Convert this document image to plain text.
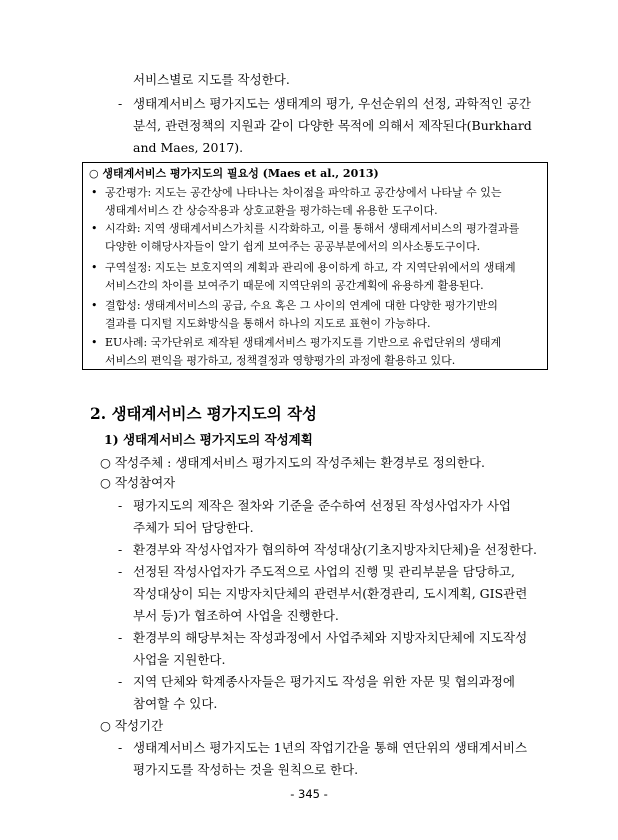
서비스별로 지도를 작성한다.
- 생태계서비스 평가지도는 생태계의 평가, 우선순위의 선정, 과학적인 공간
분석, 관련정책의 지원과 같이 다양한 목적에 의해서 제작된다(Burkhard
and Maes, 2017).
○ 생태계서비스 평가지도의 필요성 (Maes et al., 2013)
• 공간평가: 지도는 공간상에 나타나는 차이점을 파악하고 공간상에서 나타날 수 있는
생태계서비스 간 상승작용과 상호교환을 평가하는데 유용한 도구이다.
• 시각화: 지역 생태계서비스가치를 시각화하고, 이를 통해서 생태계서비스의 평가결과를
다양한 이해당사자들이 알기 쉽게 보여주는 공공부분에서의 의사소통도구이다.
• 구역설정: 지도는 보호지역의 계획과 관리에 용이하게 하고, 각 지역단위에서의 생태계
서비스간의 차이를 보여주기 때문에 지역단위의 공간계획에 유용하게 활용된다.
• 결합성: 생태계서비스의 공급, 수요 혹은 그 사이의 연계에 대한 다양한 평가기반의
결과를 디지털 지도화방식을 통해서 하나의 지도로 표현이 가능하다.
• EU사례: 국가단위로 제작된 생태계서비스 평가지도를 기반으로 유럽단위의 생태계
서비스의 편익을 평가하고, 정책결정과 영향평가의 과정에 활용하고 있다.
2. 생태계서비스 평가지도의 작성
1) 생태계서비스 평가지도의 작성계획
○ 작성주체 : 생태계서비스 평가지도의 작성주체는 환경부로 정의한다.
○ 작성참여자
- 평가지도의 제작은 절차와 기준을 준수하여 선정된 작성사업자가 사업
주체가 되어 담당한다.
- 환경부와 작성사업자가 협의하여 작성대상(기초지방자치단체)을 선정한다.
- 선정된 작성사업자가 주도적으로 사업의 진행 및 관리부분을 담당하고,
작성대상이 되는 지방자치단체의 관련부서(환경관리, 도시계획, GIS관련
부서 등)가 협조하여 사업을 진행한다.
- 환경부의 해당부처는 작성과정에서 사업주체와 지방자치단체에 지도작성
사업을 지원한다.
- 지역 단체와 학계종사자들은 평가지도 작성을 위한 자문 및 협의과정에
참여할 수 있다.
○ 작성기간
- 생태계서비스 평가지도는 1년의 작업기간을 통해 연단위의 생태계서비스
평가지도를 작성하는 것을 원칙으로 한다.
- 345 -
